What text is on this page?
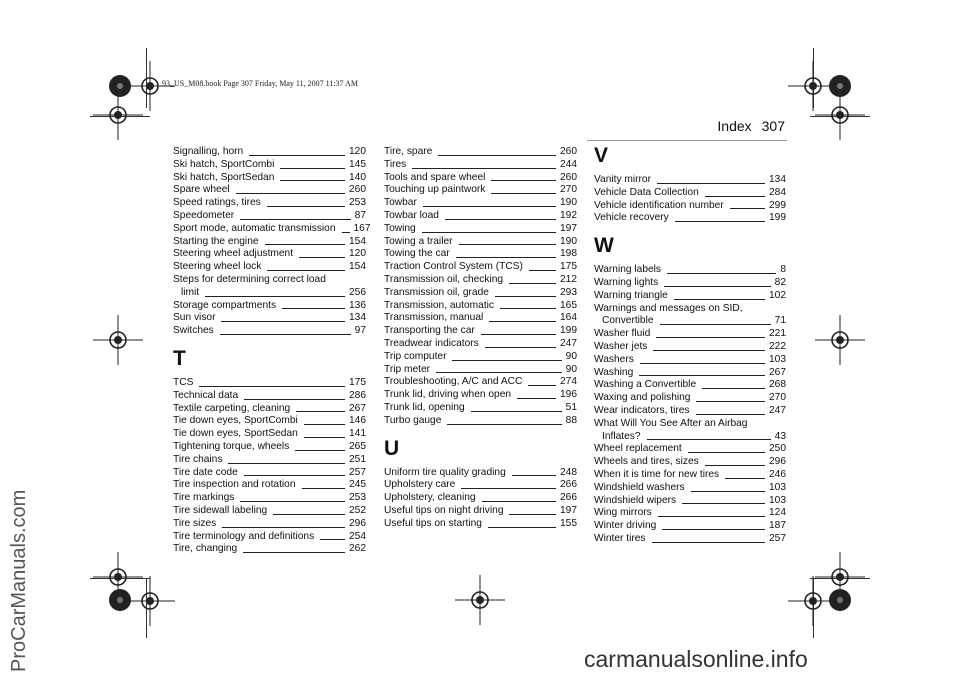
93_US_M08.book Page 307 Friday, May 11, 2007 11:37 AM
Index 307
Signalling, horn	120
Ski hatch, SportCombi	145
Ski hatch, SportSedan	140
Spare wheel	260
Speed ratings, tires	253
Speedometer	87
Sport mode, automatic transmission 167
Starting the engine	154
Steering wheel adjustment	120
Steering wheel lock	154
Steps for determining correct load
limit	256
Storage compartments	136
Sun visor	134
Switches	97
T
TCS	175
Technical data	286
Textile carpeting, cleaning	267
Tie down eyes, SportCombi	146
Tie down eyes, SportSedan	141
Tightening torque, wheels	265
Tire chains	251
Tire date code	257
Tire inspection and rotation	245
Tire markings	253
Tire sidewall labeling	252
Tire sizes	296
Tire terminology and definitions	254
Tire, changing	262
Tire, spare	260
Tires	244
Tools and spare wheel	260
Touching up paintwork	270
Towbar	190
Towbar load	192
Towing	197
Towing a trailer	190
Towing the car	198
Traction Control System (TCS)	175
Transmission oil, checking	212
Transmission oil, grade	293
Transmission, automatic	165
Transmission, manual	164
Transporting the car	199
Treadwear indicators	247
Trip computer	90
Trip meter	90
Troubleshooting, A/C and ACC	274
Trunk lid, driving when open	196
Trunk lid, opening	51
Turbo gauge	88
U
Uniform tire quality grading	248
Upholstery care	266
Upholstery, cleaning	266
Useful tips on night driving	197
Useful tips on starting	155
V
Vanity mirror	134
Vehicle Data Collection	284
Vehicle identification number	299
Vehicle recovery	199
W
Warning labels	8
Warning lights	82
Warning triangle	102
Warnings and messages on SID,
Convertible	71
Washer fluid	221
Washer jets	222
Washers	103
Washing	267
Washing a Convertible	268
Waxing and polishing	270
Wear indicators, tires	247
What Will You See After an Airbag
Inflates?	43
Wheel replacement	250
Wheels and tires, sizes	296
When it is time for new tires	246
Windshield washers	103
Windshield wipers	103
Wing mirrors	124
Winter driving	187
Winter tires	257
ProCarManuals.com	carmanualsonline.info
